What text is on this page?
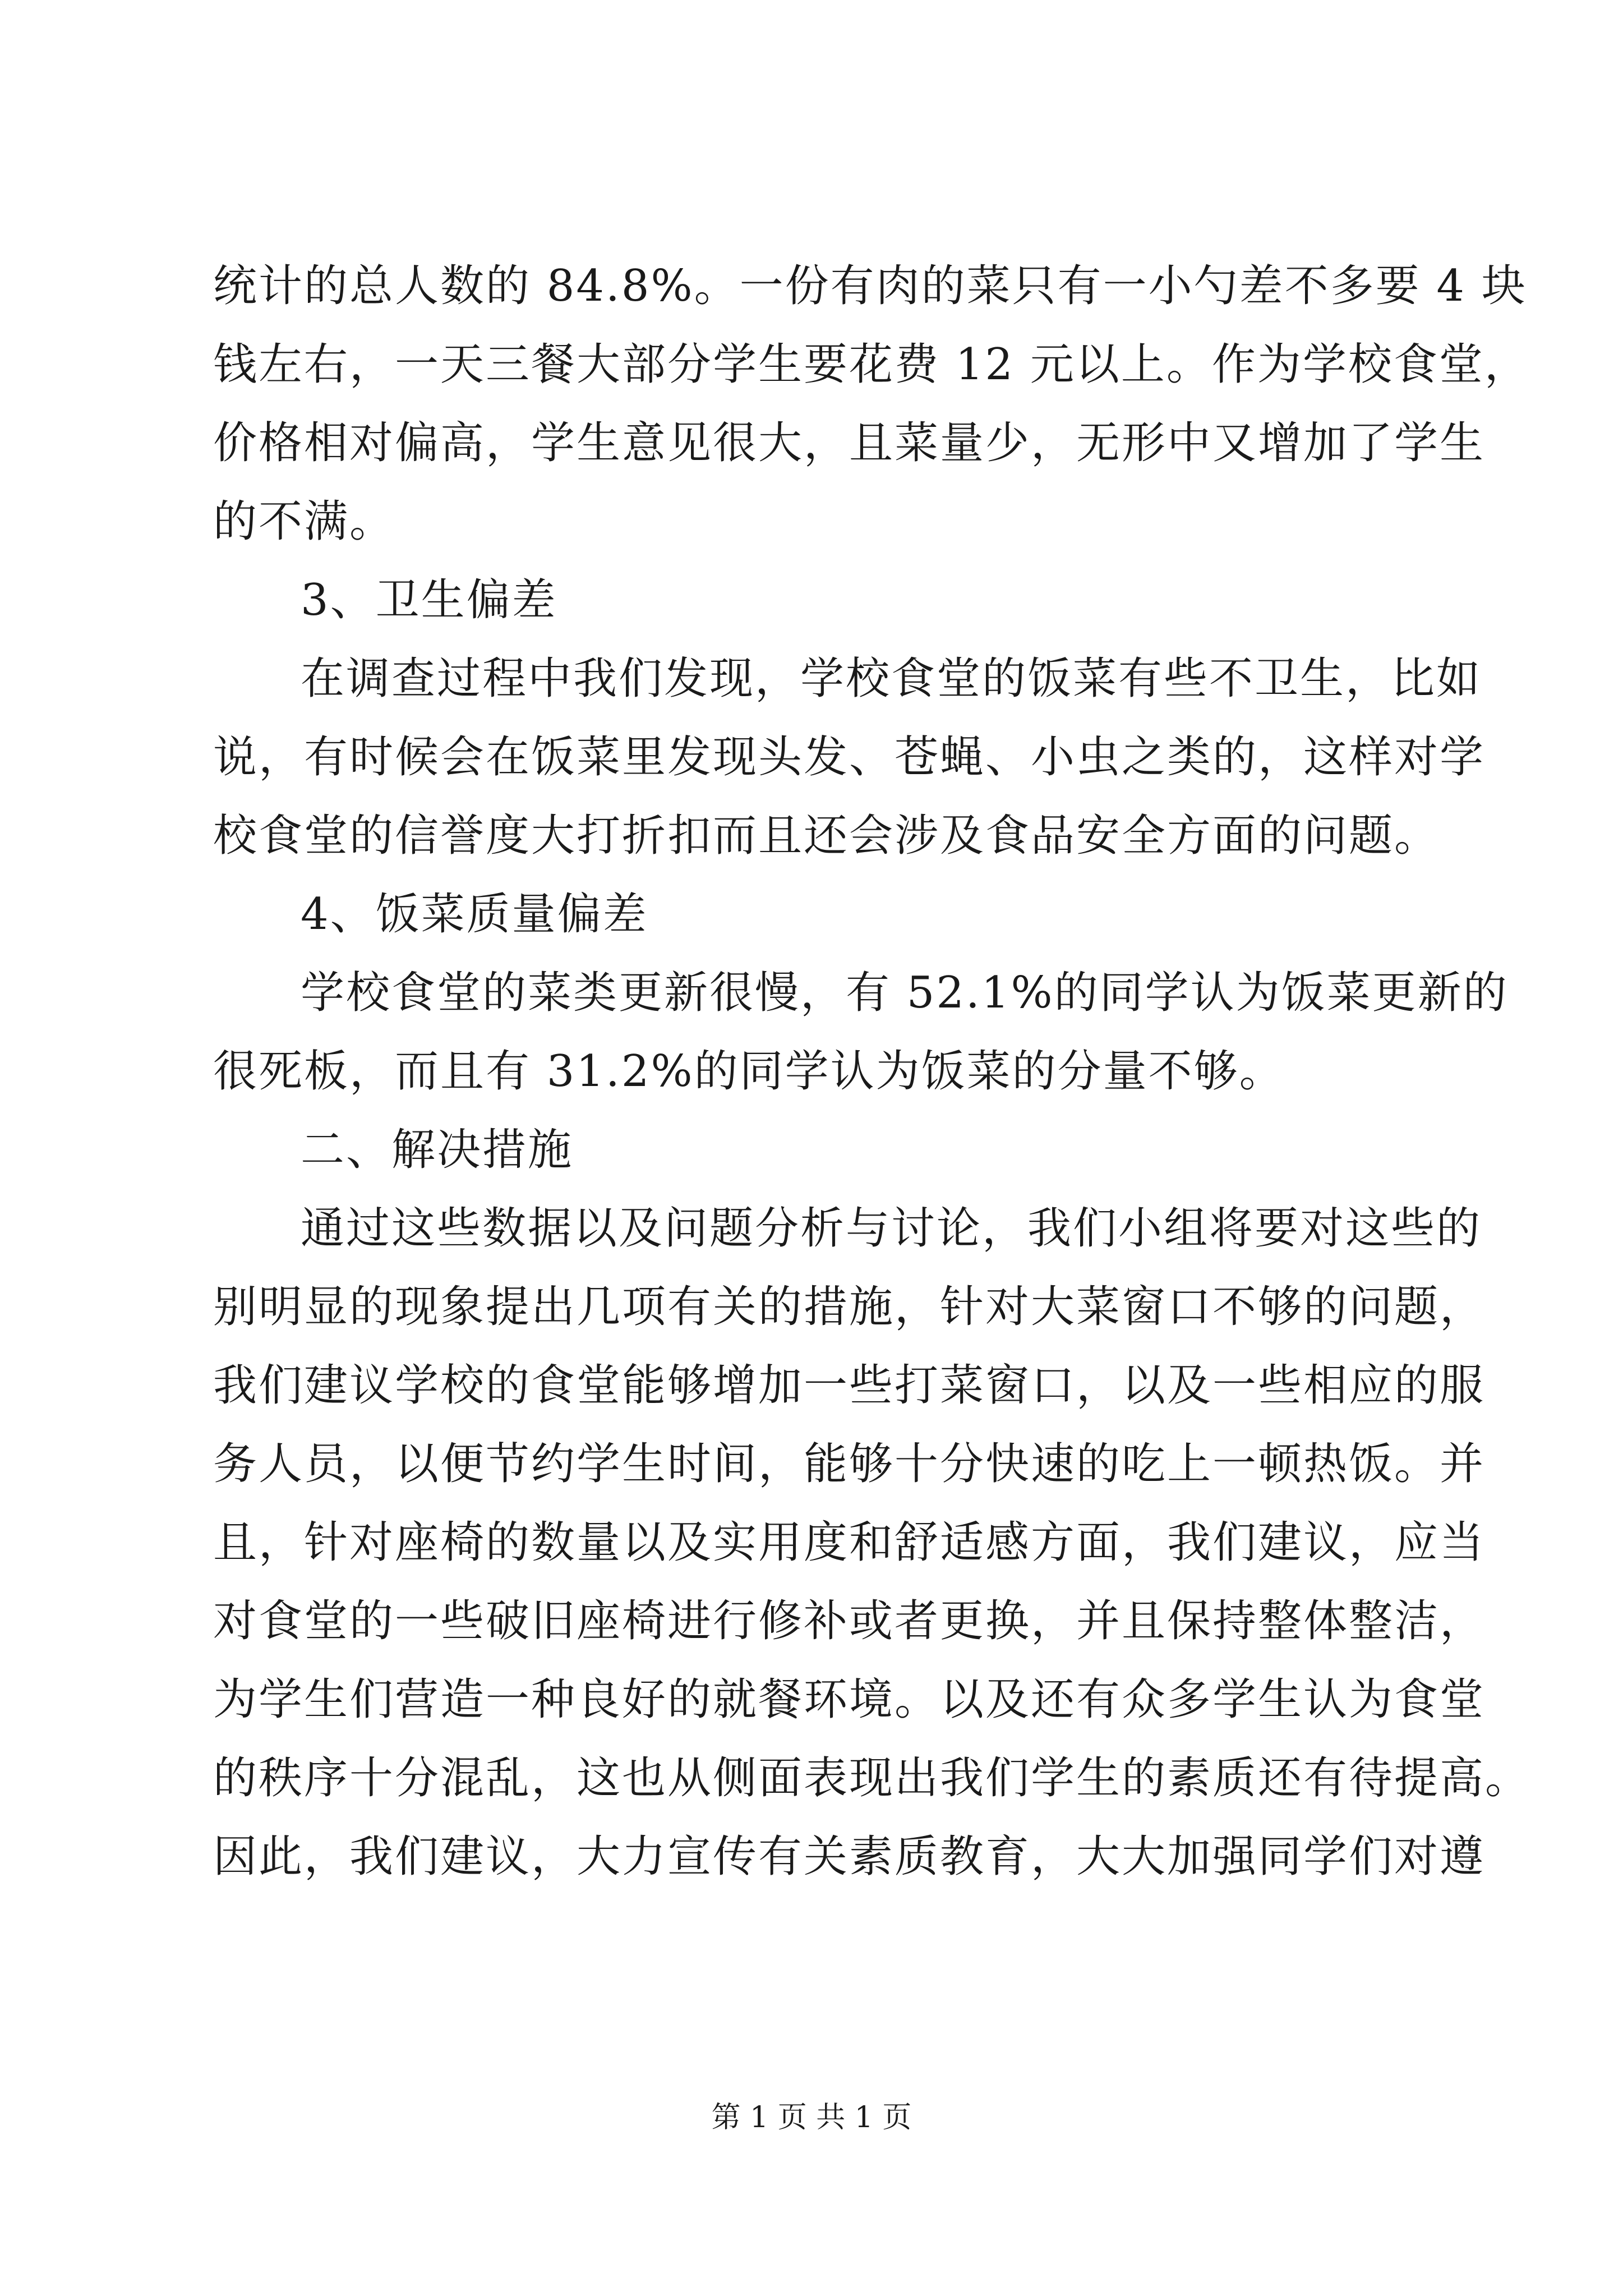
统计的总人数的 84.8%。一份有肉的菜只有一小勺差不多要 4 块
钱左右，一天三餐大部分学生要花费 12 元以上。作为学校食堂，
价格相对偏高，学生意见很大，且菜量少，无形中又增加了学生
的不满。
3、卫生偏差
在调查过程中我们发现，学校食堂的饭菜有些不卫生，比如
说，有时候会在饭菜里发现头发、苍蝇、小虫之类的，这样对学
校食堂的信誉度大打折扣而且还会涉及食品安全方面的问题。
4、饭菜质量偏差
学校食堂的菜类更新很慢，有 52.1%的同学认为饭菜更新的
很死板，而且有 31.2%的同学认为饭菜的分量不够。
二、解决措施
通过这些数据以及问题分析与讨论，我们小组将要对这些的
别明显的现象提出几项有关的措施，针对大菜窗口不够的问题，
我们建议学校的食堂能够增加一些打菜窗口，以及一些相应的服
务人员，以便节约学生时间，能够十分快速的吃上一顿热饭。并
且，针对座椅的数量以及实用度和舒适感方面，我们建议，应当
对食堂的一些破旧座椅进行修补或者更换，并且保持整体整洁，
为学生们营造一种良好的就餐环境。以及还有众多学生认为食堂
的秩序十分混乱，这也从侧面表现出我们学生的素质还有待提高。
因此，我们建议，大力宣传有关素质教育，大大加强同学们对遵
第 1 页 共 1 页
